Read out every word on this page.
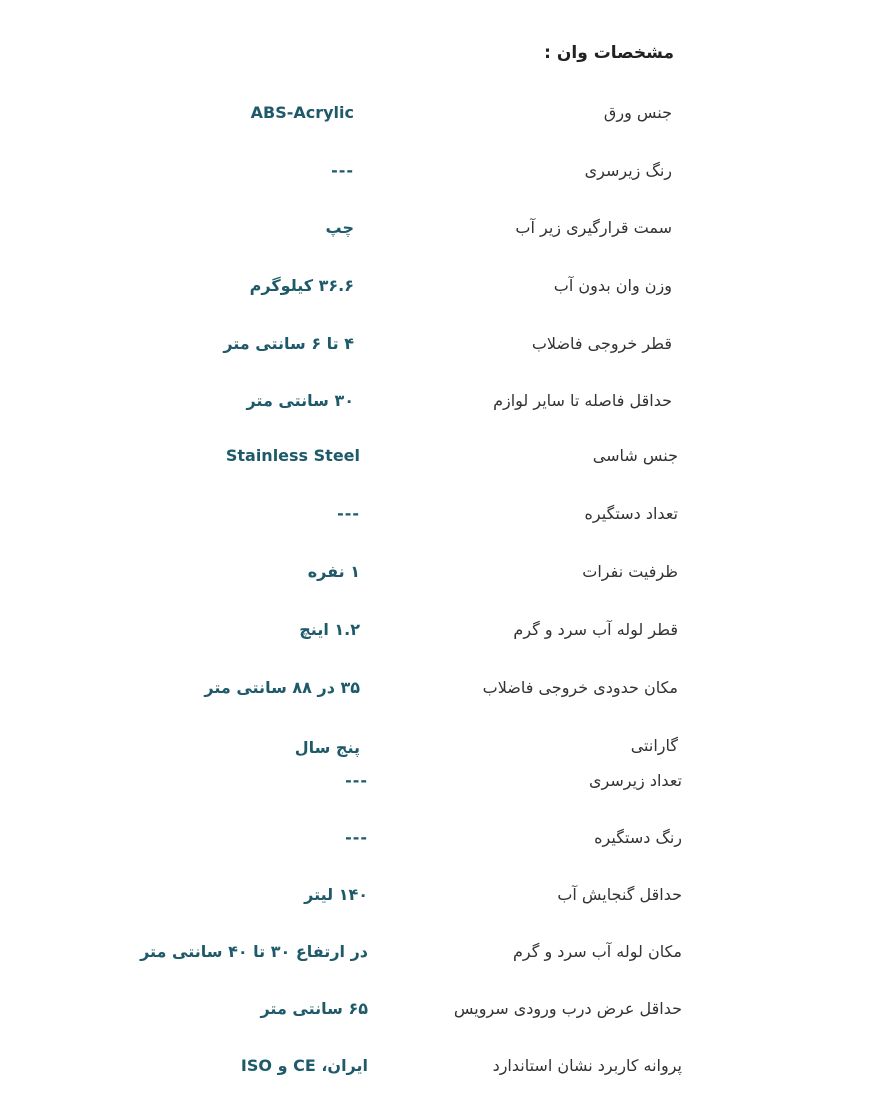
مشخصات وان :
جنس ورق
ABS-Acrylic
رنگ زیرسری
---
سمت قرارگیری زیر آب
چپ
وزن وان بدون آب
۳۶.۶ کیلوگرم
قطر خروجی فاضلاب
۴ تا ۶ سانتی متر
حداقل فاصله تا سایر لوازم
۳۰ سانتی متر
جنس شاسی
Stainless Steel
تعداد دستگیره
---
ظرفیت نفرات
۱ نفره
قطر لوله آب سرد و گرم
۱.۲ اینچ
مکان حدودی خروجی فاضلاب
۳۵ در ۸۸ سانتی متر
گارانتی
پنج سال
تعداد زیرسری
---
رنگ دستگیره
---
حداقل گنجایش آب
۱۴۰ لیتر
مکان لوله آب سرد و گرم
در ارتفاع ۳۰ تا ۴۰ سانتی متر
حداقل عرض درب ورودی سرویس
۶۵ سانتی متر
پروانه کاربرد نشان استاندارد
ایران، CE و ISO
